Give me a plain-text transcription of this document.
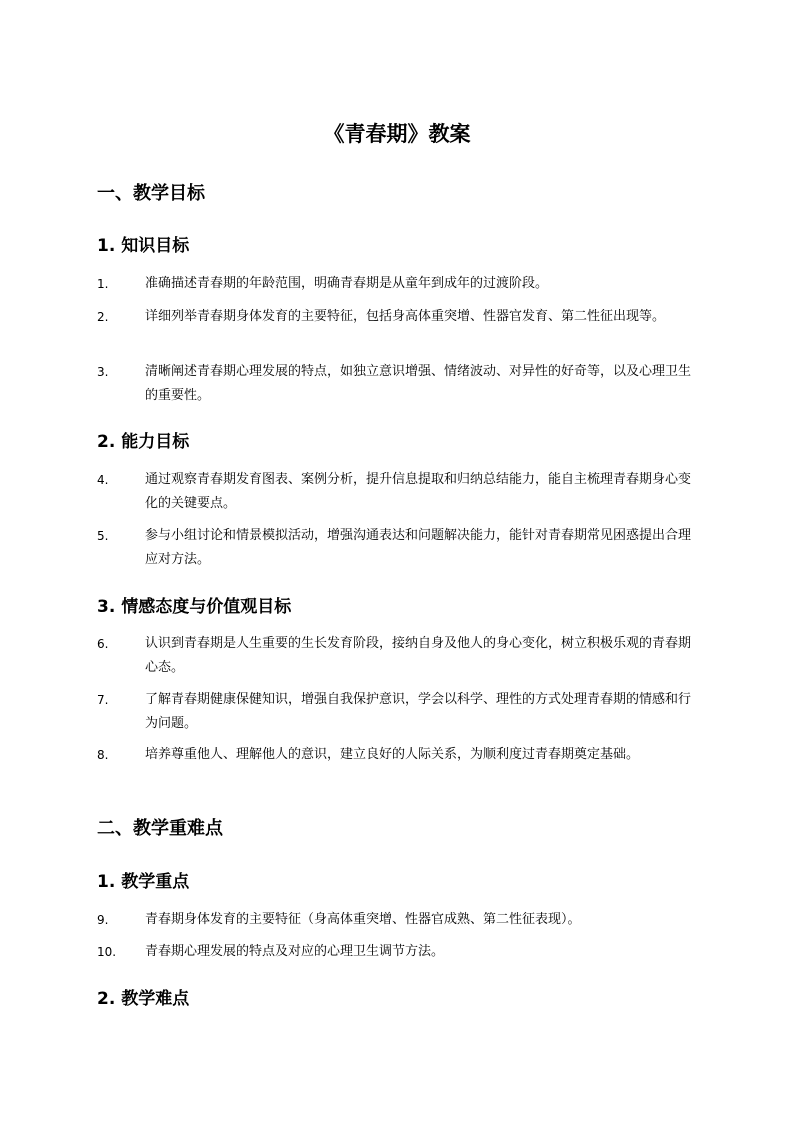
《青春期》教案
一、教学目标
1. 知识目标
1.	准确描述青春期的年龄范围，明确青春期是从童年到成年的过渡阶段。
2.	详细列举青春期身体发育的主要特征，包括身高体重突增、性器官发育、第二性征出现等。
3.	清晰阐述青春期心理发展的特点，如独立意识增强、情绪波动、对异性的好奇等，以及心理卫生的重要性。
2. 能力目标
4.	通过观察青春期发育图表、案例分析，提升信息提取和归纳总结能力，能自主梳理青春期身心变化的关键要点。
5.	参与小组讨论和情景模拟活动，增强沟通表达和问题解决能力，能针对青春期常见困惑提出合理应对方法。
3. 情感态度与价值观目标
6.	认识到青春期是人生重要的生长发育阶段，接纳自身及他人的身心变化，树立积极乐观的青春期心态。
7.	了解青春期健康保健知识，增强自我保护意识，学会以科学、理性的方式处理青春期的情感和行为问题。
8.	培养尊重他人、理解他人的意识，建立良好的人际关系，为顺利度过青春期奠定基础。
二、教学重难点
1. 教学重点
9.	青春期身体发育的主要特征（身高体重突增、性器官成熟、第二性征表现）。
10.	青春期心理发展的特点及对应的心理卫生调节方法。
2. 教学难点
